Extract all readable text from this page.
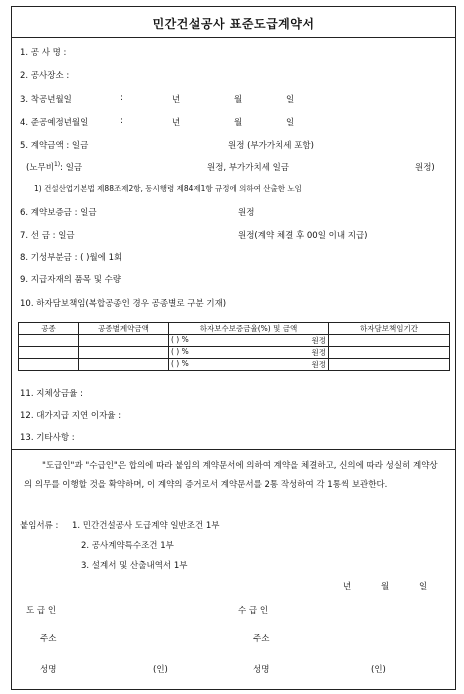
민간건설공사 표준도급계약서
1. 공 사 명 :
2. 공사장소 :
3. 착공년월일	:	년	월	일
4. 준공예정년월일	:	년	월	일
5. 계약금액 : 일금	원정 (부가가치세 포함)
(노무비$^{1)}$: 일금	원정, 부가가치세 일금	원정)
1) 건설산업기본법 제88조제2항, 동시행령 제84제1항 규정에 의하여 산출한 노임
6. 계약보증금 : 일금	원정
7. 선 금 : 일금	원정(계약 체결 후 00일 이내 지급)
8. 기성부분금 : ( )월에 1회
9. 지급자재의 품목 및 수량
10. 하자담보책임(복합공종인 경우 공종별로 구분 기재)
공종	공종별계약금액	하자보수보증금율(%) 및 금액	하자담보책임기간
		( ) % 원정	

		( ) % 원정	

		( ) % 원정	

11. 지체상금율 :
12. 대가지급 지연 이자율 :
13. 기타사항 :
"도급인"과 "수급인"은 합의에 따라 붙임의 계약문서에 의하여 계약을 체결하고, 신의에 따라 성실히 계약상의 의무를 이행할 것을 확약하며, 이 계약의 증거로서 계약문서를 2통 작성하여 각 1통씩 보관한다.
붙임서류 : 1. 민간건설공사 도급계약 일반조건 1부
2. 공사계약특수조건 1부
3. 설계서 및 산출내역서 1부
년	월	일
도 급 인	수 급 인
주소	주소
성명	(인)	성명	(인)
